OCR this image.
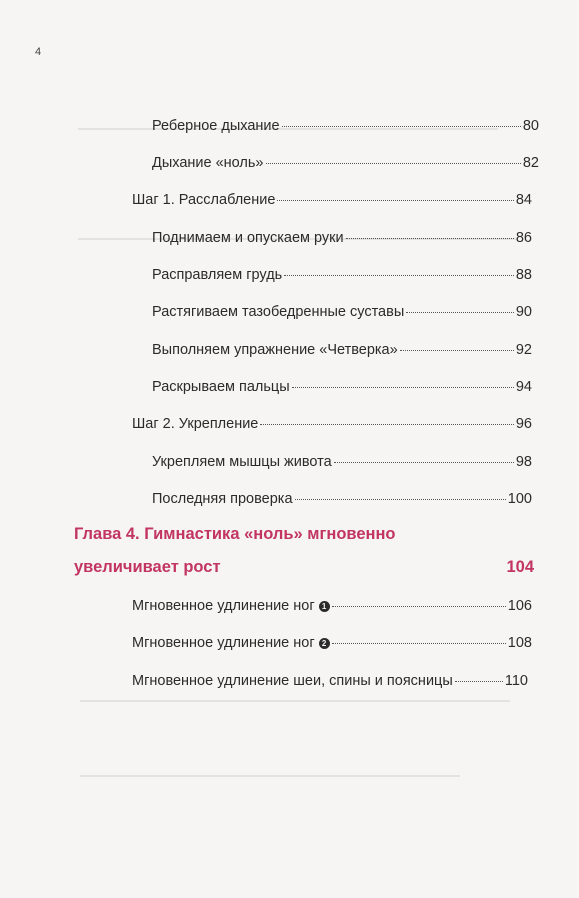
4
Реберное дыхание	80
Дыхание «ноль»	82
Шаг 1. Расслабление	84
Поднимаем и опускаем руки	86
Расправляем грудь	88
Растягиваем тазобедренные суставы	90
Выполняем упражнение «Четверка»	92
Раскрываем пальцы	94
Шаг 2. Укрепление	96
Укрепляем мышцы живота	98
Последняя проверка	100
Глава 4. Гимнастика «ноль» мгновенно
увеличивает рост	104
Мгновенное удлинение ног 1	106
Мгновенное удлинение ног 2	108
Мгновенное удлинение шеи, спины и поясницы	110
